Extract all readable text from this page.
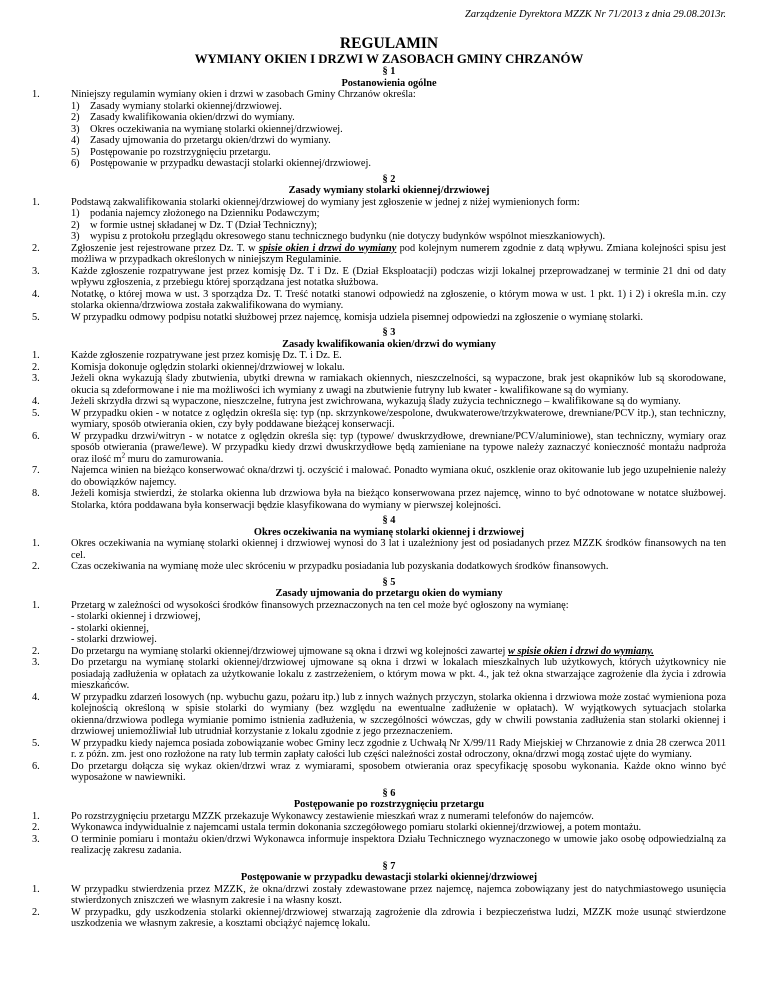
Zarządzenie Dyrektora MZZK Nr 71/2013 z dnia 29.08.2013r.
REGULAMIN
WYMIANY OKIEN I DRZWI W ZASOBACH GMINY CHRZANÓW
§ 1
Postanowienia ogólne
1.	Niniejszy regulamin wymiany okien i drzwi w zasobach Gminy Chrzanów określa:
1) Zasady wymiany stolarki okiennej/drzwiowej.
2) Zasady kwalifikowania okien/drzwi do wymiany.
3) Okres oczekiwania na wymianę stolarki okiennej/drzwiowej.
4) Zasady ujmowania do przetargu okien/drzwi do wymiany.
5) Postępowanie po rozstrzygnięciu przetargu.
6) Postępowanie w przypadku dewastacji stolarki okiennej/drzwiowej.
§ 2
Zasady wymiany stolarki okiennej/drzwiowej
1.	Podstawą zakwalifikowania stolarki okiennej/drzwiowej do wymiany jest zgłoszenie w jednej z niżej wymienionych form:
1) podania najemcy złożonego na Dzienniku Podawczym;
2) w formie ustnej składanej w Dz. T (Dział Techniczny);
3) wypisu z protokołu przeglądu okresowego stanu technicznego budynku (nie dotyczy budynków wspólnot mieszkaniowych).
2.	Zgłoszenie jest rejestrowane przez Dz. T. w spisie okien i drzwi do wymiany pod kolejnym numerem zgodnie z datą wpływu. Zmiana kolejności spisu jest możliwa w przypadkach określonych w niniejszym Regulaminie.
3.	Każde zgłoszenie rozpatrywane jest przez komisję Dz. T i Dz. E (Dział Eksploatacji) podczas wizji lokalnej przeprowadzanej w terminie 21 dni od daty wpływu zgłoszenia, z przebiegu której sporządzana jest notatka służbowa.
4.	Notatkę, o której mowa w ust. 3 sporządza Dz. T. Treść notatki stanowi odpowiedź na zgłoszenie, o którym mowa w ust. 1 pkt. 1) i 2) i określa m.in. czy stolarka okienna/drzwiowa została zakwalifikowana do wymiany.
5.	W przypadku odmowy podpisu notatki służbowej przez najemcę, komisja udziela pisemnej odpowiedzi na zgłoszenie o wymianę stolarki.
§ 3
Zasady kwalifikowania okien/drzwi do wymiany
1.	Każde zgłoszenie rozpatrywane jest przez komisję Dz. T. i Dz. E.
2.	Komisja dokonuje oględzin stolarki okiennej/drzwiowej w lokalu.
3.	Jeżeli okna wykazują ślady zbutwienia, ubytki drewna w ramiakach okiennych, nieszczelności, są wypaczone, brak jest okapników lub są skorodowane, okucia są zdeformowane i nie ma możliwości ich wymiany z uwagi na zbutwienie futryny lub kwater - kwalifikowane są do wymiany.
4.	Jeżeli skrzydła drzwi są wypaczone, nieszczelne, futryna jest zwichrowana, wykazują ślady zużycia technicznego – kwalifikowane są do wymiany.
5.	W przypadku okien - w notatce z oględzin określa się: typ (np. skrzynkowe/zespolone, dwukwaterowe/trzykwaterowe, drewniane/PCV itp.), stan techniczny, wymiary, sposób otwierania okien, czy były poddawane bieżącej konserwacji.
6.	W przypadku drzwi/witryn - w notatce z oględzin określa się: typ (typowe/ dwuskrzydłowe, drewniane/PCV/aluminiowe), stan techniczny, wymiary oraz sposób otwierania (prawe/lewe). W przypadku kiedy drzwi dwuskrzydłowe będą zamieniane na typowe należy zaznaczyć konieczność montażu nadproża oraz ilość $m^2$ muru do zamurowania.
7.	Najemca winien na bieżąco konserwować okna/drzwi tj. oczyścić i malować. Ponadto wymiana okuć, oszklenie oraz okitowanie lub jego uzupełnienie należy do obowiązków najemcy.
8.	Jeżeli komisja stwierdzi, że stolarka okienna lub drzwiowa była na bieżąco konserwowana przez najemcę, winno to być odnotowane w notatce służbowej. Stolarka, która poddawana była konserwacji będzie klasyfikowana do wymiany w pierwszej kolejności.
§ 4
Okres oczekiwania na wymianę stolarki okiennej i drzwiowej
1.	Okres oczekiwania na wymianę stolarki okiennej i drzwiowej wynosi do 3 lat i uzależniony jest od posiadanych przez MZZK środków finansowych na ten cel.
2.	Czas oczekiwania na wymianę może ulec skróceniu w przypadku posiadania lub pozyskania dodatkowych środków finansowych.
§ 5
Zasady ujmowania do przetargu okien do wymiany
1.	Przetarg w zależności od wysokości środków finansowych przeznaczonych na ten cel może być ogłoszony na wymianę:
- stolarki okiennej i drzwiowej,
- stolarki okiennej,
- stolarki drzwiowej.
2.	Do przetargu na wymianę stolarki okiennej/drzwiowej ujmowane są okna i drzwi wg kolejności zawartej w spisie okien i drzwi do wymiany.
3.	Do przetargu na wymianę stolarki okiennej/drzwiowej ujmowane są okna i drzwi w lokalach mieszkalnych lub użytkowych, których użytkownicy nie posiadają zadłużenia w opłatach za użytkowanie lokalu z zastrzeżeniem, o którym mowa w pkt. 4., jak też okna stwarzające zagrożenie dla życia i zdrowia mieszkańców.
4.	W przypadku zdarzeń losowych (np. wybuchu gazu, pożaru itp.) lub z innych ważnych przyczyn, stolarka okienna i drzwiowa może zostać wymieniona poza kolejnością określoną w spisie stolarki do wymiany (bez względu na ewentualne zadłużenie w opłatach). W wyjątkowych sytuacjach stolarka okienna/drzwiowa podlega wymianie pomimo istnienia zadłużenia, w szczególności wówczas, gdy w chwili powstania zadłużenia stan stolarki okiennej i drzwiowej uniemożliwiał lub utrudniał korzystanie z lokalu zgodnie z jego przeznaczeniem.
5.	W przypadku kiedy najemca posiada zobowiązanie wobec Gminy lecz zgodnie z Uchwałą Nr X/99/11 Rady Miejskiej w Chrzanowie z dnia 28 czerwca 2011 r. z późn. zm. jest ono rozłożone na raty lub termin zapłaty całości lub części należności został odroczony, okna/drzwi mogą zostać ujęte do wymiany.
6.	Do przetargu dołącza się wykaz okien/drzwi wraz z wymiarami, sposobem otwierania oraz specyfikację sposobu wykonania. Każde okno winno być wyposażone w nawiewniki.
§ 6
Postępowanie po rozstrzygnięciu przetargu
1.	Po rozstrzygnięciu przetargu MZZK przekazuje Wykonawcy zestawienie mieszkań wraz z numerami telefonów do najemców.
2.	Wykonawca indywidualnie z najemcami ustala termin dokonania szczegółowego pomiaru stolarki okiennej/drzwiowej, a potem montażu.
3.	O terminie pomiaru i montażu okien/drzwi Wykonawca informuje inspektora Działu Technicznego wyznaczonego w umowie jako osobę odpowiedzialną za realizację zakresu zadania.
§ 7
Postępowanie w przypadku dewastacji stolarki okiennej/drzwiowej
1.	W przypadku stwierdzenia przez MZZK, że okna/drzwi zostały zdewastowane przez najemcę, najemca zobowiązany jest do natychmiastowego usunięcia stwierdzonych zniszczeń we własnym zakresie i na własny koszt.
2.	W przypadku, gdy uszkodzenia stolarki okiennej/drzwiowej stwarzają zagrożenie dla zdrowia i bezpieczeństwa ludzi, MZZK może usunąć stwierdzone uszkodzenia we własnym zakresie, a kosztami obciążyć najemcę lokalu.
